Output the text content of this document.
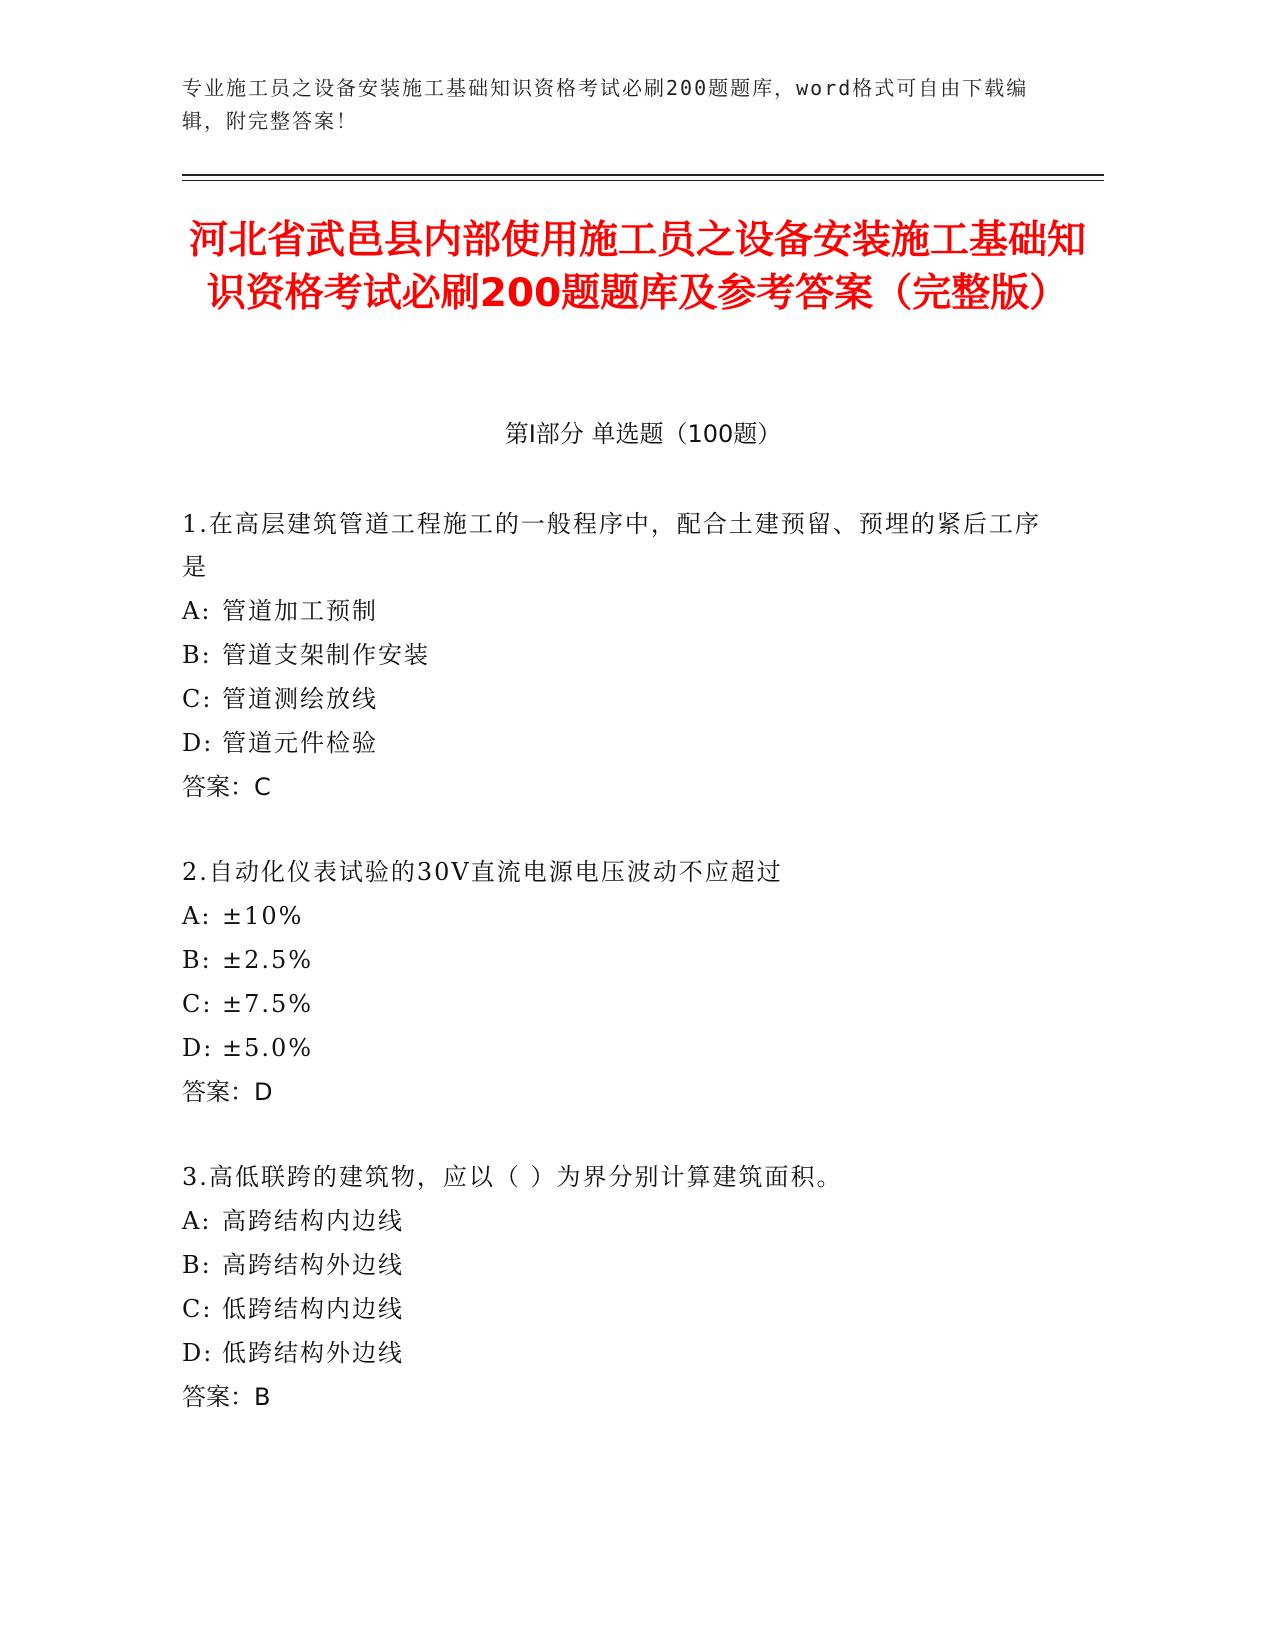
专业施工员之设备安装施工基础知识资格考试必刷200题题库，word格式可自由下载编辑，附完整答案！
河北省武邑县内部使用施工员之设备安装施工基础知识资格考试必刷200题题库及参考答案（完整版）
第Ⅰ部分 单选题（100题）

1.在高层建筑管道工程施工的一般程序中，配合土建预留、预埋的紧后工序是

A: 管道加工预制
B: 管道支架制作安装
C: 管道测绘放线
D: 管道元件检验
答案：C

2.自动化仪表试验的30V直流电源电压波动不应超过

A: ±10%
B: ±2.5%
C: ±7.5%
D: ±5.0%
答案：D

3.高低联跨的建筑物，应以（ ）为界分别计算建筑面积。

A: 高跨结构内边线
B: 高跨结构外边线
C: 低跨结构内边线
D: 低跨结构外边线
答案：B
